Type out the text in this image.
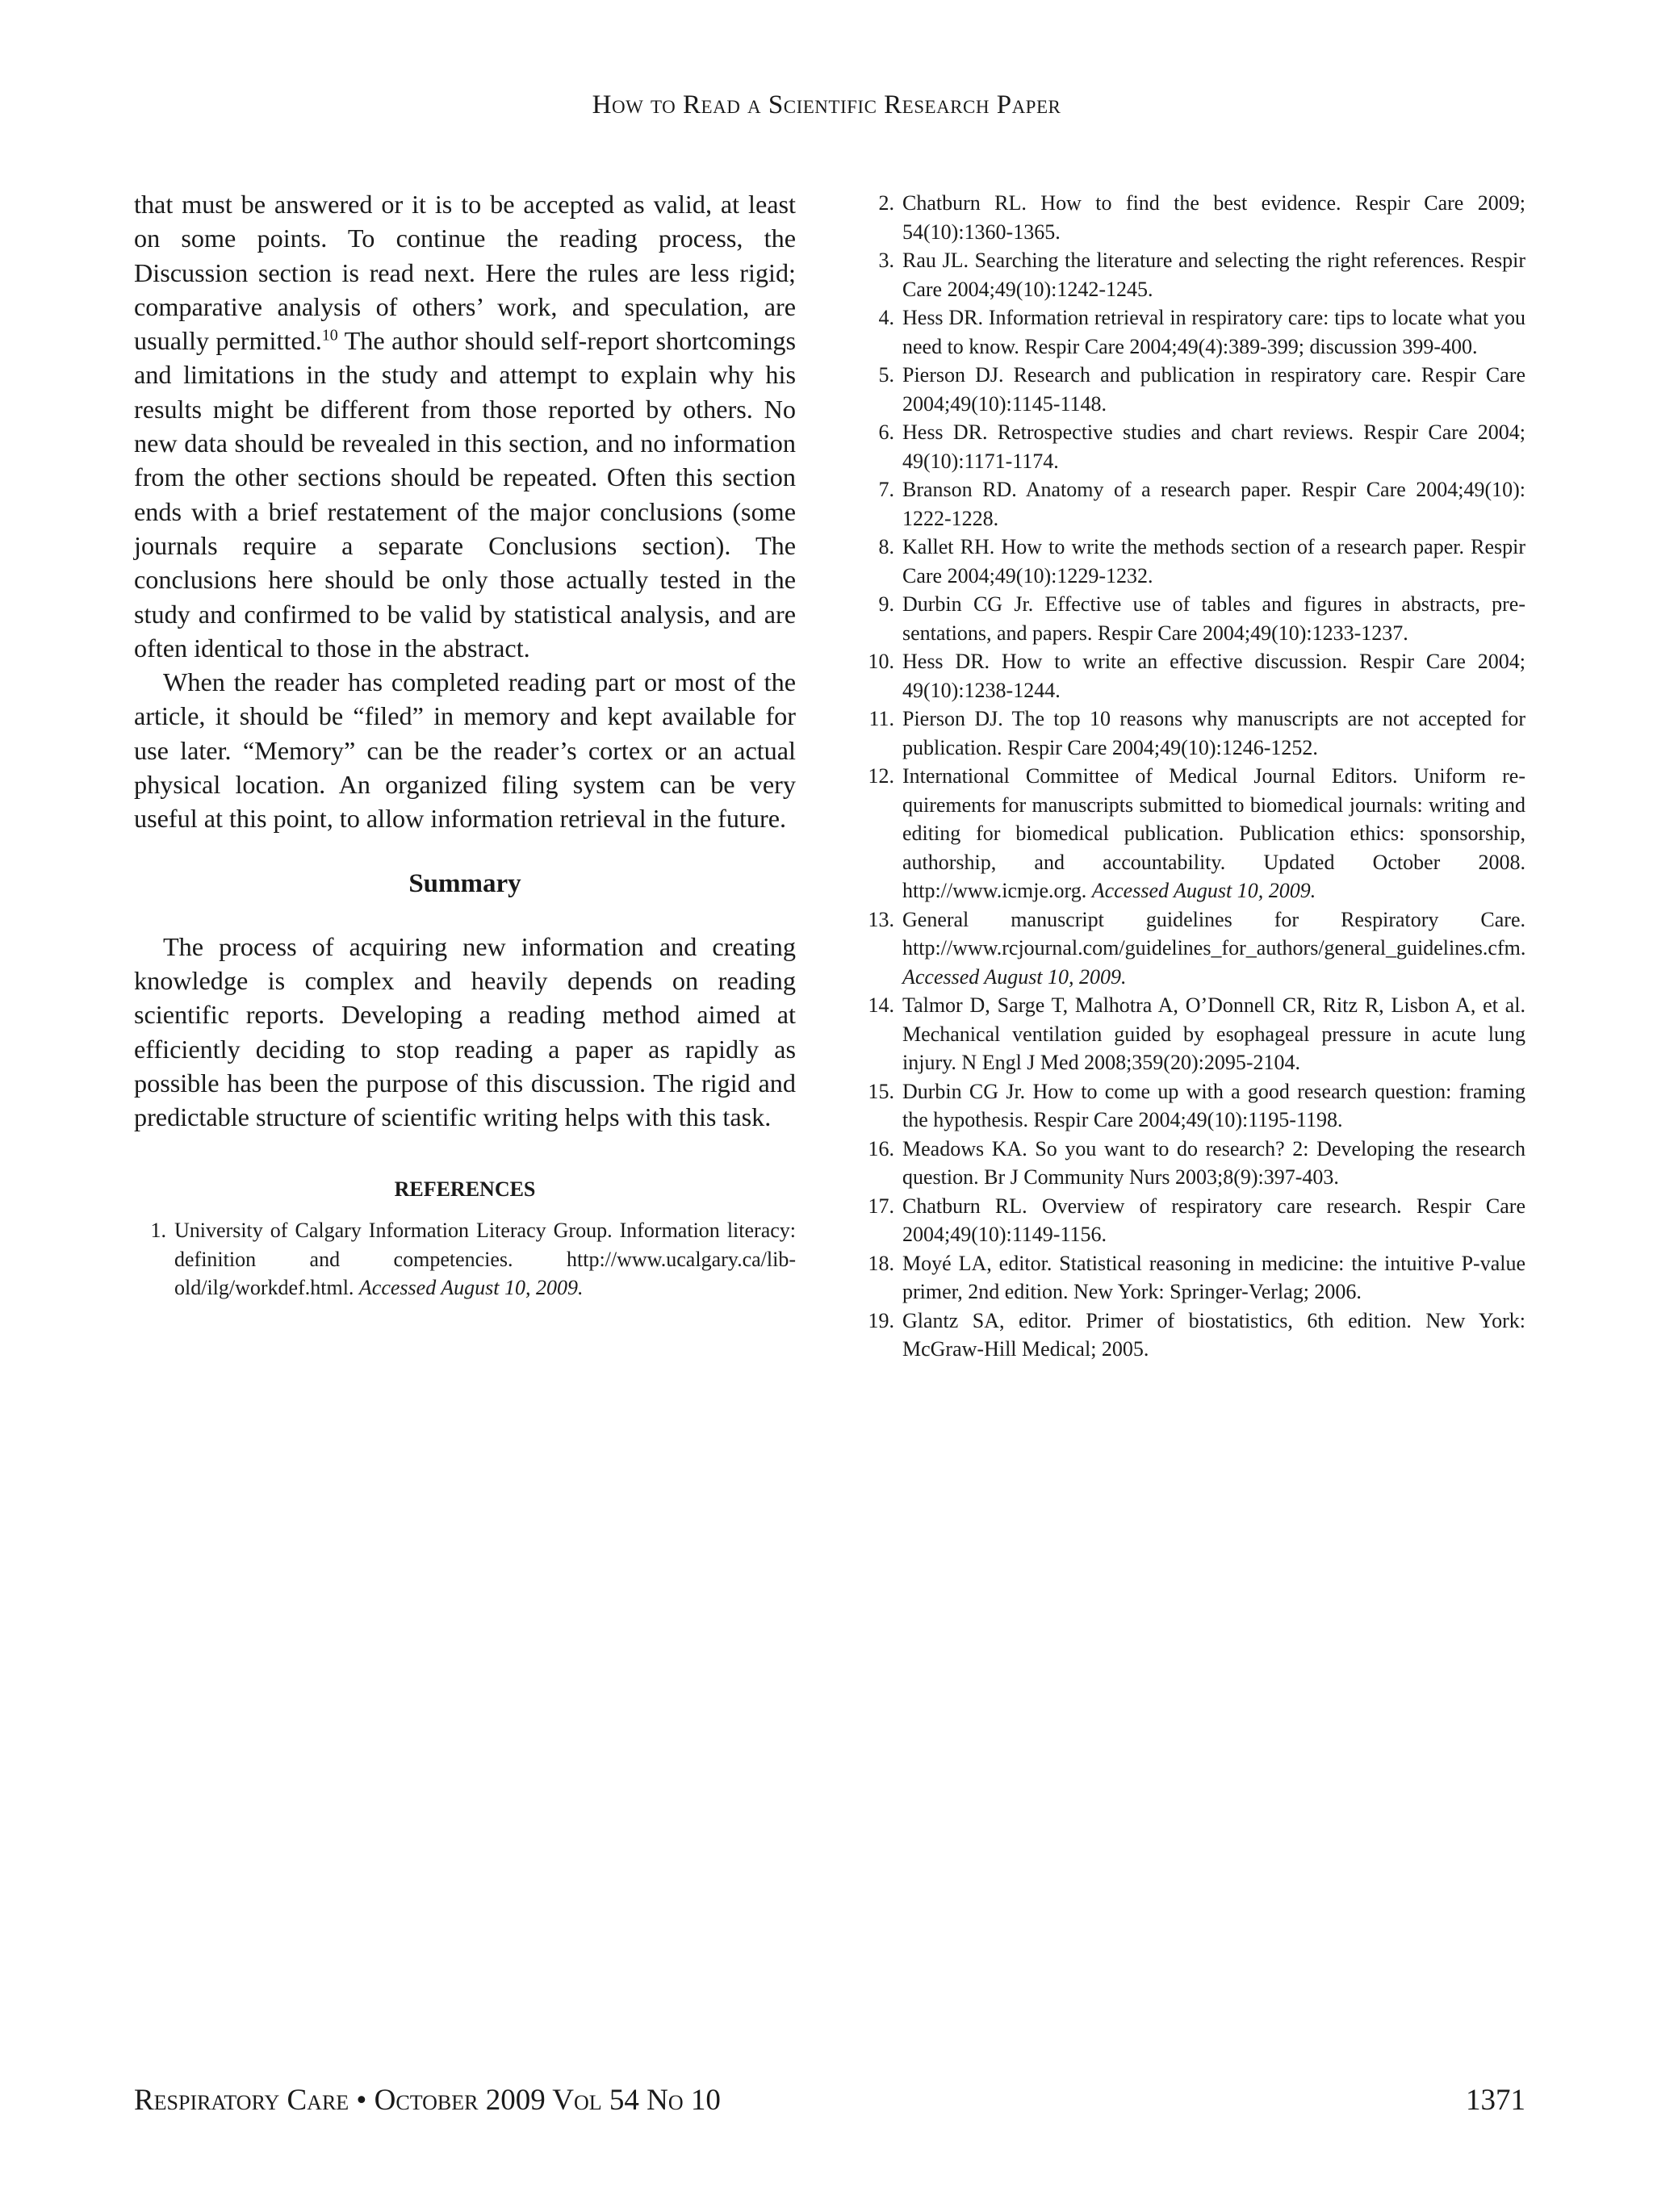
How to Read a Scientific Research Paper

that must be answered or it is to be accepted as valid, at least on some points. To continue the reading process, the Discussion section is read next. Here the rules are less rigid; comparative analysis of others’ work, and speculation, are usually permitted.$^{10}$ The author should self-report shortcomings and limitations in the study and attempt to explain why his results might be different from those reported by others. No new data should be revealed in this section, and no information from the other sections should be repeated. Often this section ends with a brief restatement of the major conclusions (some journals require a separate Conclusions section). The conclusions here should be only those actually tested in the study and confirmed to be valid by statistical analysis, and are often identical to those in the abstract.

When the reader has completed reading part or most of the article, it should be “filed” in memory and kept available for use later. “Memory” can be the reader’s cortex or an actual physical location. An organized filing system can be very useful at this point, to allow information retrieval in the future.

Summary

The process of acquiring new information and creating knowledge is complex and heavily depends on reading scientific reports. Developing a reading method aimed at efficiently deciding to stop reading a paper as rapidly as possible has been the purpose of this discussion. The rigid and predictable structure of scientific writing helps with this task.

REFERENCES
1. University of Calgary Information Literacy Group. Information literacy: definition and competencies. http://www.ucalgary.ca/lib-old/ilg/workdef.html. Accessed August 10, 2009.
2. Chatburn RL. How to find the best evidence. Respir Care 2009; 54(10):1360-1365.
3. Rau JL. Searching the literature and selecting the right references. Respir Care 2004;49(10):1242-1245.
4. Hess DR. Information retrieval in respiratory care: tips to locate what you need to know. Respir Care 2004;49(4):389-399; discussion 399-400.
5. Pierson DJ. Research and publication in respiratory care. Respir Care 2004;49(10):1145-1148.
6. Hess DR. Retrospective studies and chart reviews. Respir Care 2004; 49(10):1171-1174.
7. Branson RD. Anatomy of a research paper. Respir Care 2004;49(10): 1222-1228.
8. Kallet RH. How to write the methods section of a research paper. Respir Care 2004;49(10):1229-1232.
9. Durbin CG Jr. Effective use of tables and figures in abstracts, presentations, and papers. Respir Care 2004;49(10):1233-1237.
10. Hess DR. How to write an effective discussion. Respir Care 2004; 49(10):1238-1244.
11. Pierson DJ. The top 10 reasons why manuscripts are not accepted for publication. Respir Care 2004;49(10):1246-1252.
12. International Committee of Medical Journal Editors. Uniform requirements for manuscripts submitted to biomedical journals: writing and editing for biomedical publication. Publication ethics: sponsorship, authorship, and accountability. Updated October 2008. http://www.icmje.org. Accessed August 10, 2009.
13. General manuscript guidelines for Respiratory Care. http://www.rcjournal.com/guidelines_for_authors/general_guidelines.cfm. Accessed August 10, 2009.
14. Talmor D, Sarge T, Malhotra A, O’Donnell CR, Ritz R, Lisbon A, et al. Mechanical ventilation guided by esophageal pressure in acute lung injury. N Engl J Med 2008;359(20):2095-2104.
15. Durbin CG Jr. How to come up with a good research question: framing the hypothesis. Respir Care 2004;49(10):1195-1198.
16. Meadows KA. So you want to do research? 2: Developing the research question. Br J Community Nurs 2003;8(9):397-403.
17. Chatburn RL. Overview of respiratory care research. Respir Care 2004;49(10):1149-1156.
18. Moyé LA, editor. Statistical reasoning in medicine: the intuitive P-value primer, 2nd edition. New York: Springer-Verlag; 2006.
19. Glantz SA, editor. Primer of biostatistics, 6th edition. New York: McGraw-Hill Medical; 2005.
Respiratory Care • October 2009 Vol 54 No 10	1371
